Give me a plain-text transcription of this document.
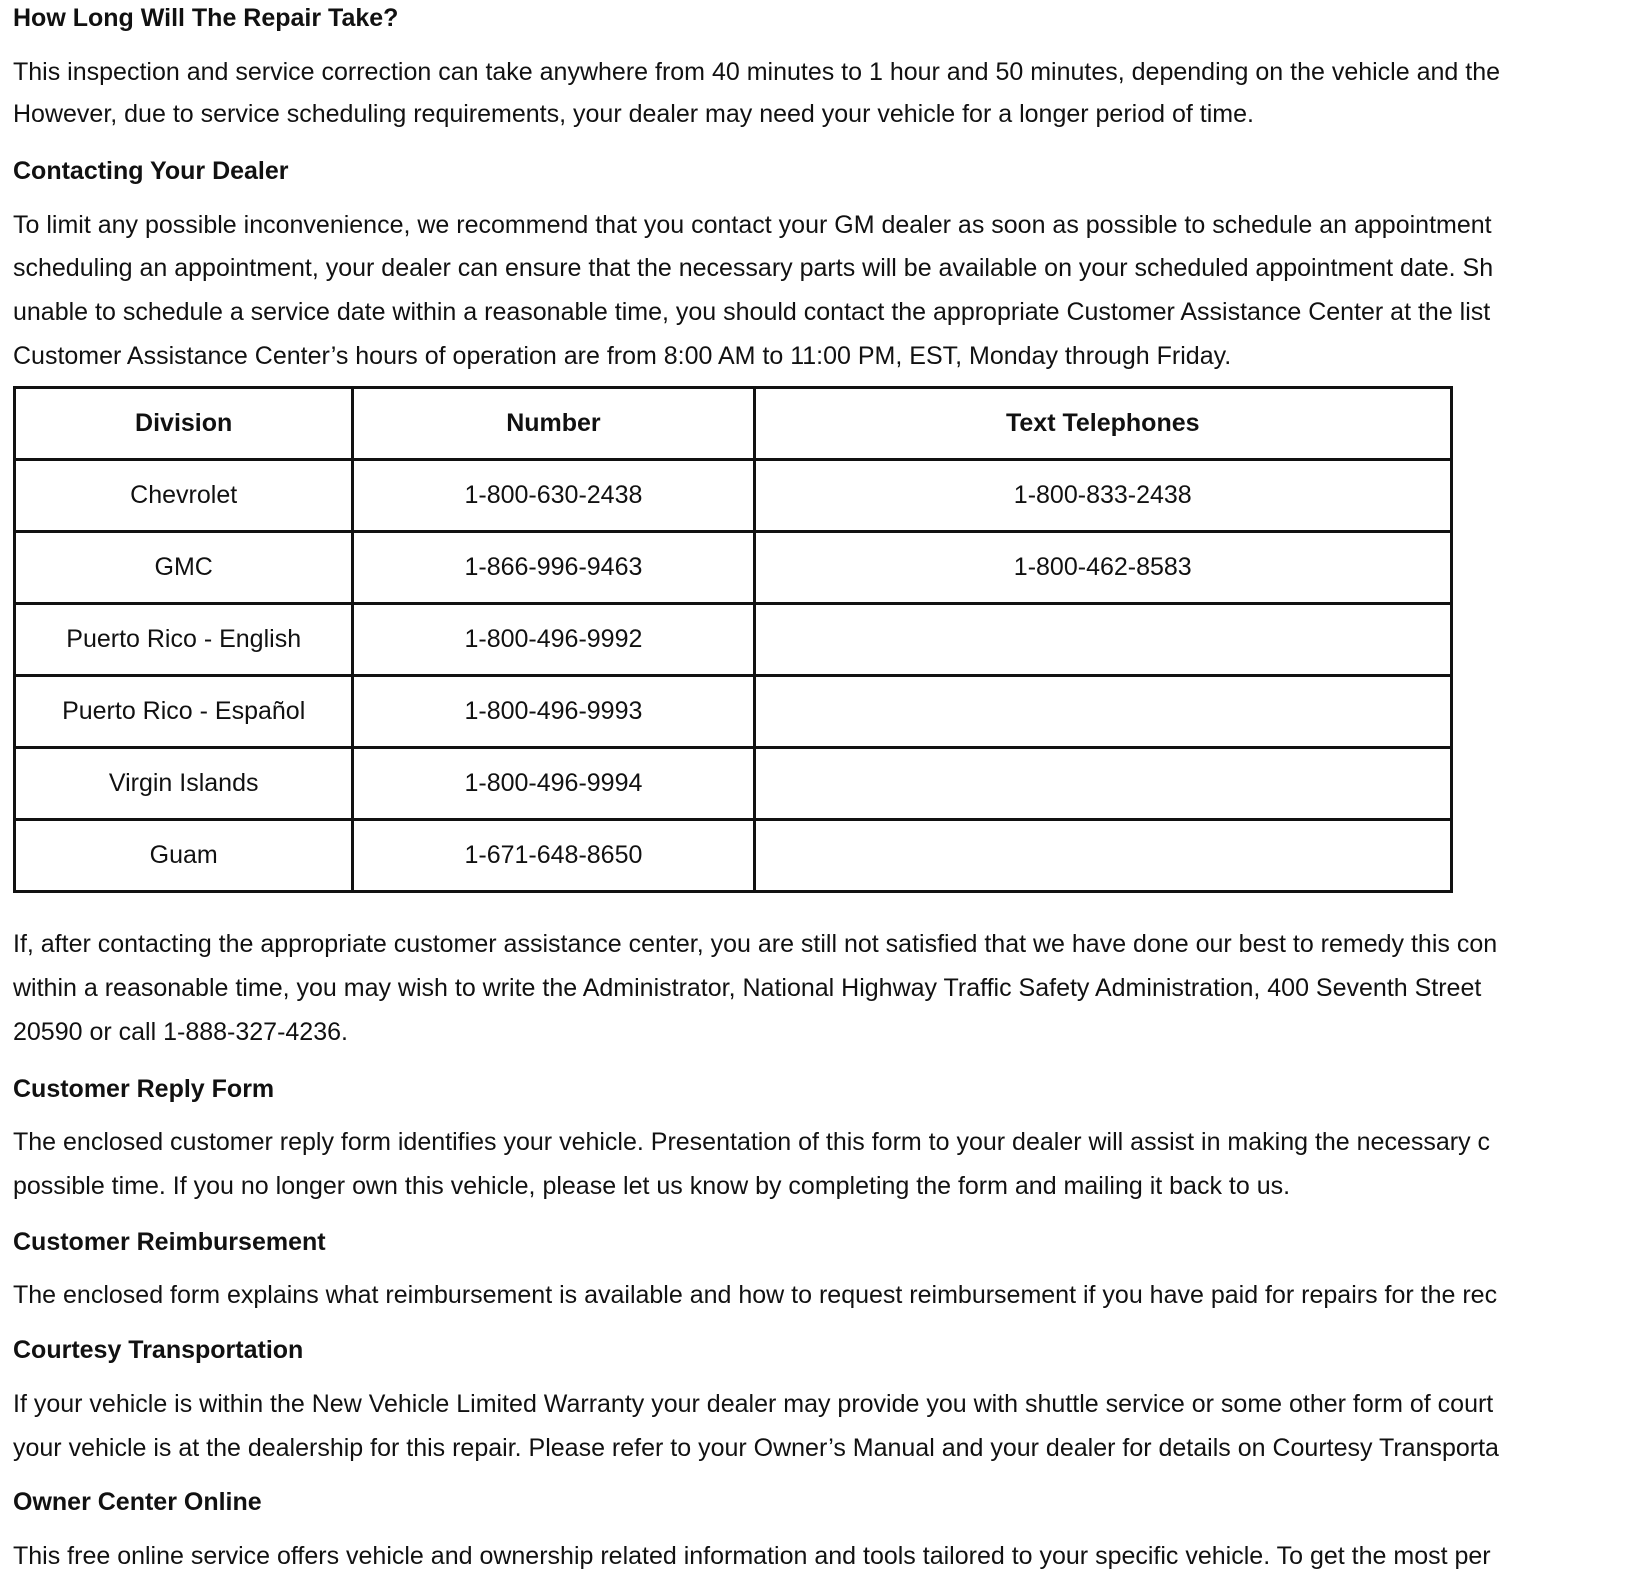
How Long Will The Repair Take?
This inspection and service correction can take anywhere from 40 minutes to 1 hour and 50 minutes, depending on the vehicle and the
However, due to service scheduling requirements, your dealer may need your vehicle for a longer period of time.
Contacting Your Dealer
To limit any possible inconvenience, we recommend that you contact your GM dealer as soon as possible to schedule an appointment
scheduling an appointment, your dealer can ensure that the necessary parts will be available on your scheduled appointment date. Sh
unable to schedule a service date within a reasonable time, you should contact the appropriate Customer Assistance Center at the list
Customer Assistance Center’s hours of operation are from 8:00 AM to 11:00 PM, EST, Monday through Friday.
Division	Number	Text Telephones
Chevrolet	1-800-630-2438	1-800-833-2438
GMC	1-866-996-9463	1-800-462-8583
Puerto Rico - English	1-800-496-9992	
Puerto Rico - Español	1-800-496-9993	
Virgin Islands	1-800-496-9994	
Guam	1-671-648-8650	
If, after contacting the appropriate customer assistance center, you are still not satisfied that we have done our best to remedy this con
within a reasonable time, you may wish to write the Administrator, National Highway Traffic Safety Administration, 400 Seventh Street
20590 or call 1-888-327-4236.
Customer Reply Form
The enclosed customer reply form identifies your vehicle. Presentation of this form to your dealer will assist in making the necessary c
possible time. If you no longer own this vehicle, please let us know by completing the form and mailing it back to us.
Customer Reimbursement
The enclosed form explains what reimbursement is available and how to request reimbursement if you have paid for repairs for the rec
Courtesy Transportation
If your vehicle is within the New Vehicle Limited Warranty your dealer may provide you with shuttle service or some other form of court
your vehicle is at the dealership for this repair. Please refer to your Owner’s Manual and your dealer for details on Courtesy Transporta
Owner Center Online
This free online service offers vehicle and ownership related information and tools tailored to your specific vehicle. To get the most per
